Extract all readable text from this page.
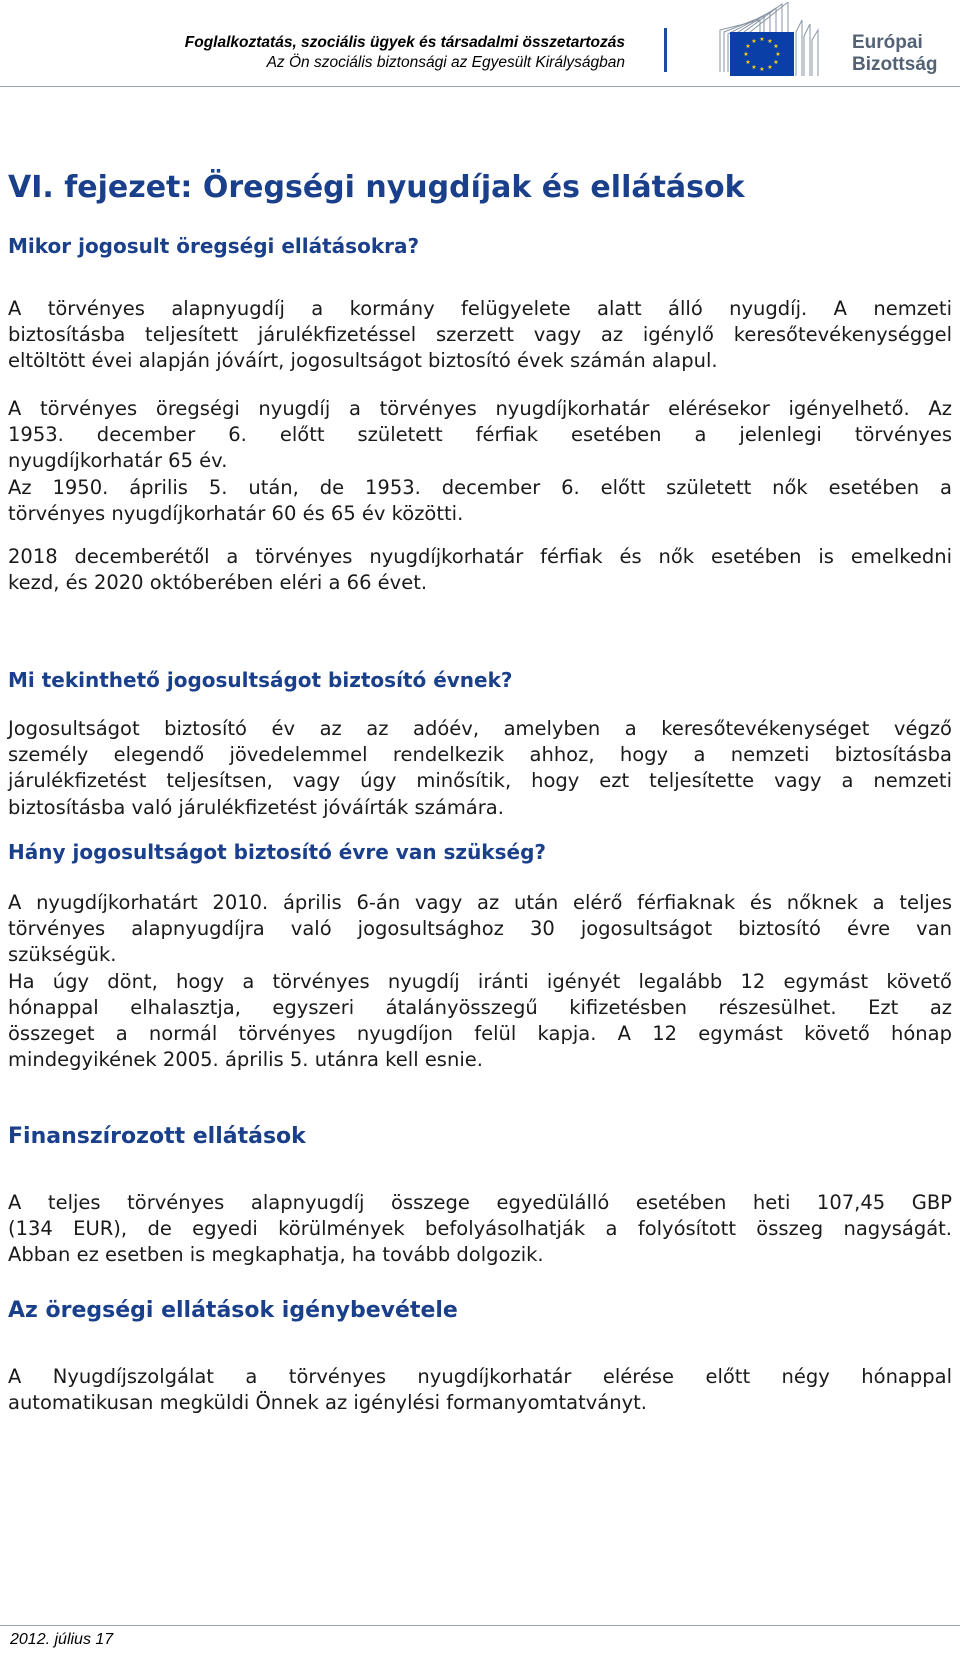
Foglalkoztatás, szociális ügyek és társadalmi összetartozás
Az Ön szociális biztonsági az Egyesült Királyságban
★ ★
★
★
★
★
★
★
★
★
★
★	Európai
Bizottság
VI. fejezet: Öregségi nyugdíjak és ellátások
Mikor jogosult öregségi ellátásokra?

A törvényes alapnyugdíj a kormány felügyelete alatt álló nyugdíj. A nemzeti
biztosításba teljesített járulékfizetéssel szerzett vagy az igénylő keresőtevékenységgel
eltöltött évei alapján jóváírt, jogosultságot biztosító évek számán alapul.

A törvényes öregségi nyugdíj a törvényes nyugdíjkorhatár elérésekor igényelhető. Az
1953. december 6. előtt született férfiak esetében a jelenlegi törvényes
nyugdíjkorhatár 65 év.
Az 1950. április 5. után, de 1953. december 6. előtt született nők esetében a
törvényes nyugdíjkorhatár 60 és 65 év közötti.

2018 decemberétől a törvényes nyugdíjkorhatár férfiak és nők esetében is emelkedni
kezd, és 2020 októberében eléri a 66 évet.

Mi tekinthető jogosultságot biztosító évnek?

Jogosultságot biztosító év az az adóév, amelyben a keresőtevékenységet végző
személy elegendő jövedelemmel rendelkezik ahhoz, hogy a nemzeti biztosításba
járulékfizetést teljesítsen, vagy úgy minősítik, hogy ezt teljesítette vagy a nemzeti
biztosításba való járulékfizetést jóváírták számára.

Hány jogosultságot biztosító évre van szükség?

A nyugdíjkorhatárt 2010. április 6-án vagy az után elérő férfiaknak és nőknek a teljes
törvényes alapnyugdíjra való jogosultsághoz 30 jogosultságot biztosító évre van
szükségük.
Ha úgy dönt, hogy a törvényes nyugdíj iránti igényét legalább 12 egymást követő
hónappal elhalasztja, egyszeri átalányösszegű kifizetésben részesülhet. Ezt az
összeget a normál törvényes nyugdíjon felül kapja. A 12 egymást követő hónap
mindegyikének 2005. április 5. utánra kell esnie.

Finanszírozott ellátások

A teljes törvényes alapnyugdíj összege egyedülálló esetében heti 107,45 GBP
(134 EUR), de egyedi körülmények befolyásolhatják a folyósított összeg nagyságát.
Abban ez esetben is megkaphatja, ha tovább dolgozik.

Az öregségi ellátások igénybevétele

A Nyugdíjszolgálat a törvényes nyugdíjkorhatár elérése előtt négy hónappal
automatikusan megküldi Önnek az igénylési formanyomtatványt.

2012. július 17
